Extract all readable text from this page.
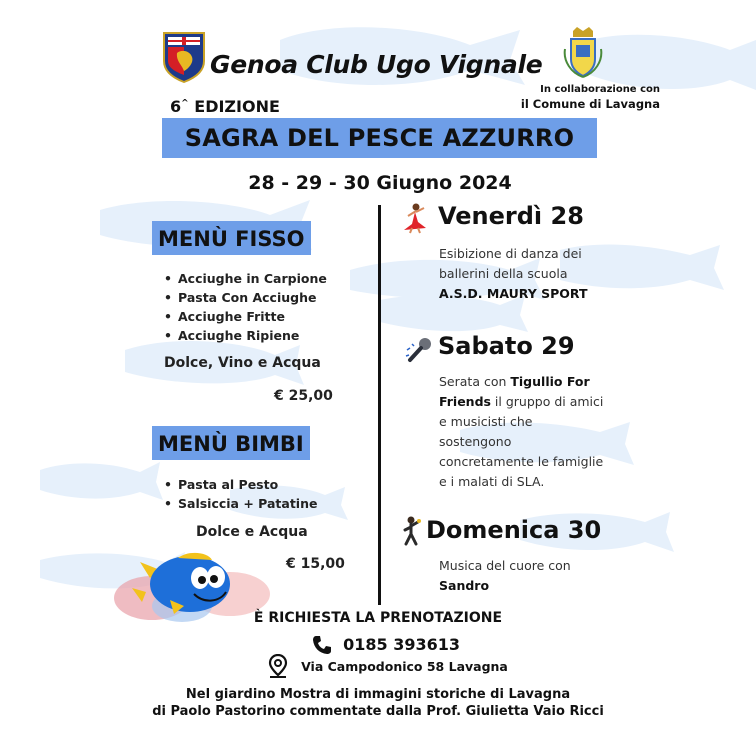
Genoa Club Ugo Vignale
In collaborazione con
il Comune di Lavagna
6^ EDIZIONE
SAGRA DEL PESCE AZZURRO
28 - 29 - 30 Giugno 2024
MENÙ FISSO
• Acciughe in Carpione
• Pasta Con Acciughe
• Acciughe Fritte
• Acciughe Ripiene
Dolce, Vino e Acqua
€ 25,00
MENÙ BIMBI
• Pasta al Pesto
• Salsiccia + Patatine
Dolce e Acqua
€ 15,00
Venerdì 28
Esibizione di danza dei
ballerini della scuola
A.S.D. MAURY SPORT
Sabato 29
Serata con Tigullio For
Friends il gruppo di amici
e musicisti che
sostengono
concretamente le famiglie
e i malati di SLA.
Domenica 30
Musica del cuore con
Sandro
È RICHIESTA LA PRENOTAZIONE
0185 393613
Via Campodonico 58 Lavagna
Nel giardino Mostra di immagini storiche di Lavagna
di Paolo Pastorino commentate dalla Prof. Giulietta Vaio Ricci
